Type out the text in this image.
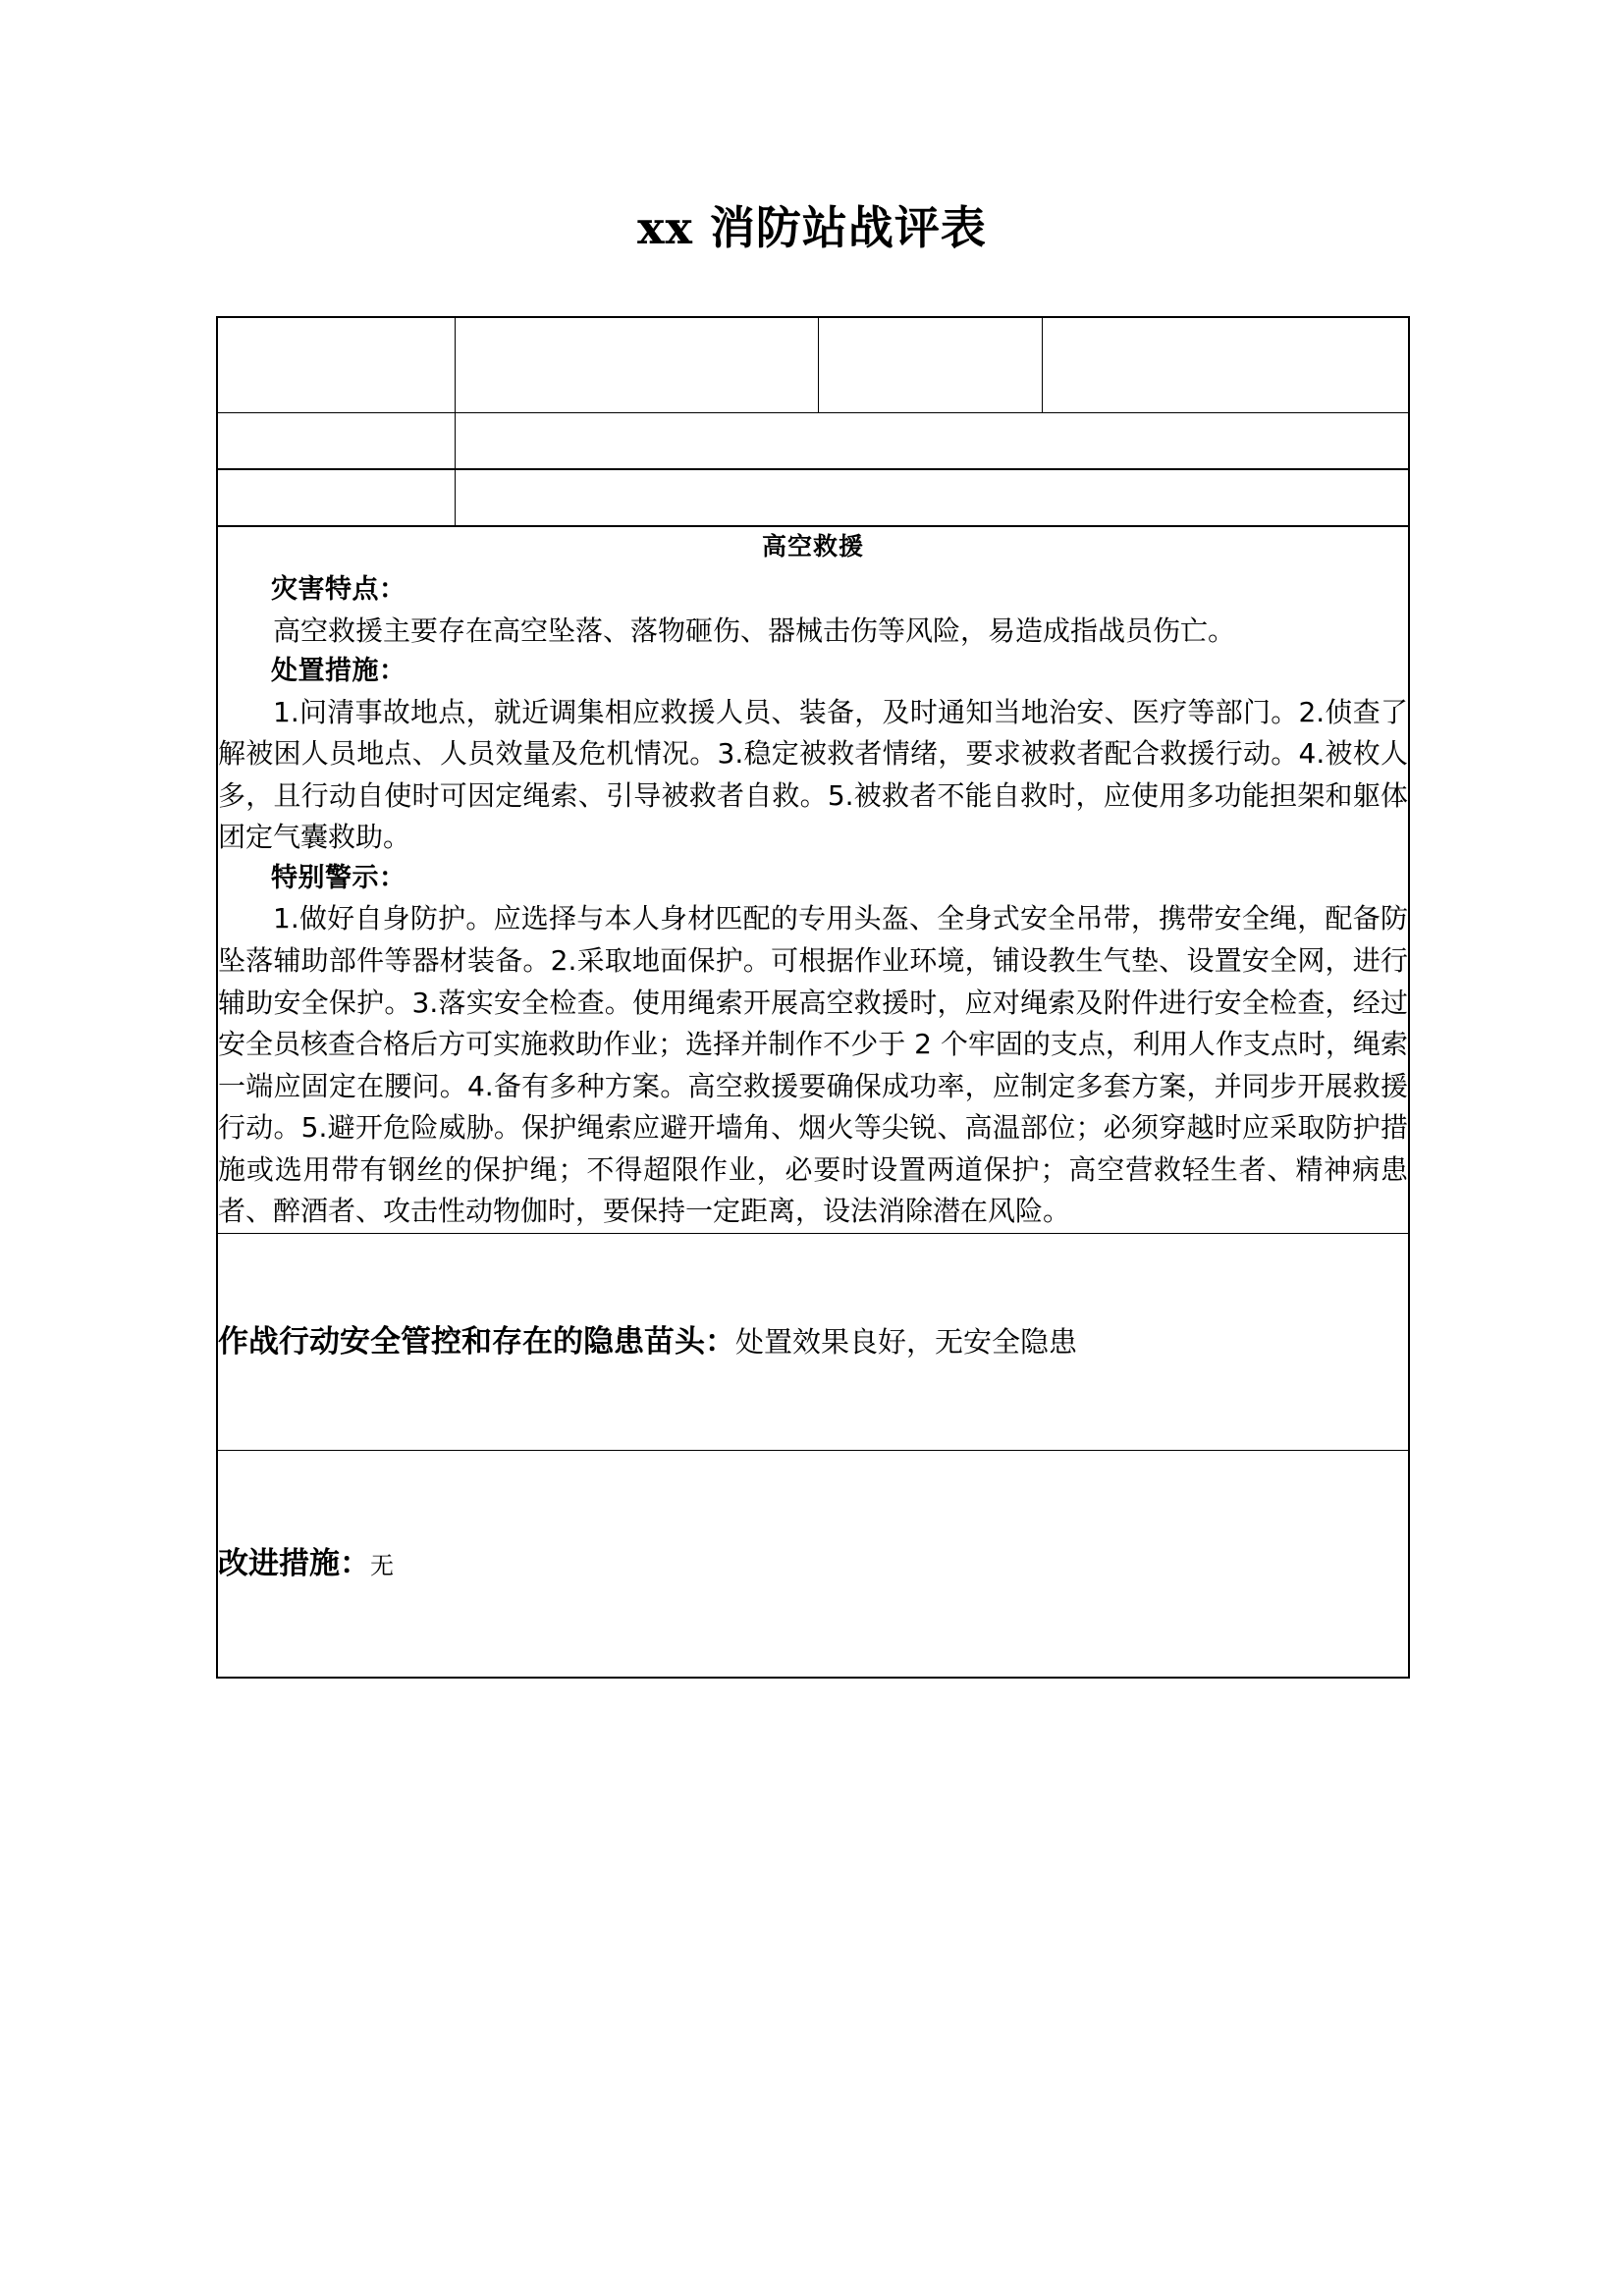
xx 消防站战评表

高空救援
灾害特点：
高空救援主要存在高空坠落、落物砸伤、器械击伤等风险，易造成指战员伤亡。
处置措施：
1.问清事故地点，就近调集相应救援人员、装备，及时通知当地治安、医疗等部门。2.侦查了解被困人员地点、人员效量及危机情况。3.稳定被救者情绪，要求被救者配合救援行动。4.被枚人多，且行动自使时可因定绳索、引导被救者自救。5.被救者不能自救时，应使用多功能担架和躯体团定气囊救助。
特别警示：
1.做好自身防护。应选择与本人身材匹配的专用头盔、全身式安全吊带，携带安全绳，配备防坠落辅助部件等器材装备。2.采取地面保护。可根据作业环境，铺设教生气垫、设置安全网，进行辅助安全保护。3.落实安全检查。使用绳索开展高空救援时，应对绳索及附件进行安全检查，经过安全员核查合格后方可实施救助作业；选择并制作不少于 2 个牢固的支点，利用人作支点时，绳索一端应固定在腰问。4.备有多种方案。高空救援要确保成功率，应制定多套方案，并同步开展救援行动。5.避开危险威胁。保护绳索应避开墙角、烟火等尖锐、高温部位；必须穿越时应采取防护措施或选用带有钢丝的保护绳；不得超限作业，必要时设置两道保护；高空营救轻生者、精神病患者、醉酒者、攻击性动物伽时，要保持一定距离，设法消除潜在风险。

作战行动安全管控和存在的隐患苗头：处置效果良好，无安全隐患			

改进措施：无			
